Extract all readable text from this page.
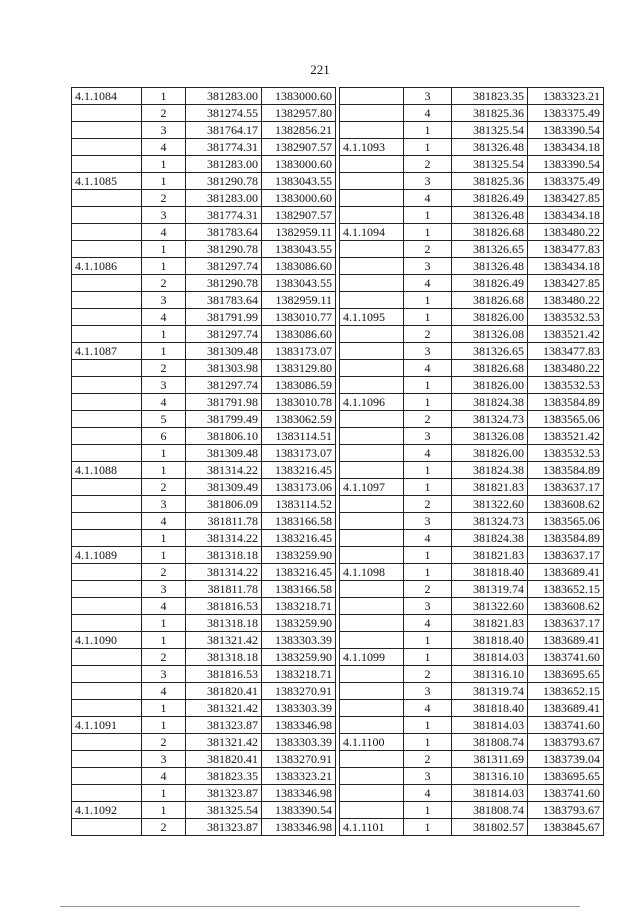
221
4.1.1084	1	381283.00	1383000.60
	2	381274.55	1382957.80
	3	381764.17	1382856.21
	4	381774.31	1382907.57
	1	381283.00	1383000.60
4.1.1085	1	381290.78	1383043.55
	2	381283.00	1383000.60
	3	381774.31	1382907.57
	4	381783.64	1382959.11
	1	381290.78	1383043.55
4.1.1086	1	381297.74	1383086.60
	2	381290.78	1383043.55
	3	381783.64	1382959.11
	4	381791.99	1383010.77
	1	381297.74	1383086.60
4.1.1087	1	381309.48	1383173.07
	2	381303.98	1383129.80
	3	381297.74	1383086.59
	4	381791.98	1383010.78
	5	381799.49	1383062.59
	6	381806.10	1383114.51
	1	381309.48	1383173.07
4.1.1088	1	381314.22	1383216.45
	2	381309.49	1383173.06
	3	381806.09	1383114.52
	4	381811.78	1383166.58
	1	381314.22	1383216.45
4.1.1089	1	381318.18	1383259.90
	2	381314.22	1383216.45
	3	381811.78	1383166.58
	4	381816.53	1383218.71
	1	381318.18	1383259.90
4.1.1090	1	381321.42	1383303.39
	2	381318.18	1383259.90
	3	381816.53	1383218.71
	4	381820.41	1383270.91
	1	381321.42	1383303.39
4.1.1091	1	381323.87	1383346.98
	2	381321.42	1383303.39
	3	381820.41	1383270.91
	4	381823.35	1383323.21
	1	381323.87	1383346.98
4.1.1092	1	381325.54	1383390.54
	2	381323.87	1383346.98
	3	381823.35	1383323.21
	4	381825.36	1383375.49
	1	381325.54	1383390.54
4.1.1093	1	381326.48	1383434.18
	2	381325.54	1383390.54
	3	381825.36	1383375.49
	4	381826.49	1383427.85
	1	381326.48	1383434.18
4.1.1094	1	381826.68	1383480.22
	2	381326.65	1383477.83
	3	381326.48	1383434.18
	4	381826.49	1383427.85
	1	381826.68	1383480.22
4.1.1095	1	381826.00	1383532.53
	2	381326.08	1383521.42
	3	381326.65	1383477.83
	4	381826.68	1383480.22
	1	381826.00	1383532.53
4.1.1096	1	381824.38	1383584.89
	2	381324.73	1383565.06
	3	381326.08	1383521.42
	4	381826.00	1383532.53
	1	381824.38	1383584.89
4.1.1097	1	381821.83	1383637.17
	2	381322.60	1383608.62
	3	381324.73	1383565.06
	4	381824.38	1383584.89
	1	381821.83	1383637.17
4.1.1098	1	381818.40	1383689.41
	2	381319.74	1383652.15
	3	381322.60	1383608.62
	4	381821.83	1383637.17
	1	381818.40	1383689.41
4.1.1099	1	381814.03	1383741.60
	2	381316.10	1383695.65
	3	381319.74	1383652.15
	4	381818.40	1383689.41
	1	381814.03	1383741.60
4.1.1100	1	381808.74	1383793.67
	2	381311.69	1383739.04
	3	381316.10	1383695.65
	4	381814.03	1383741.60
	1	381808.74	1383793.67
4.1.1101	1	381802.57	1383845.67
